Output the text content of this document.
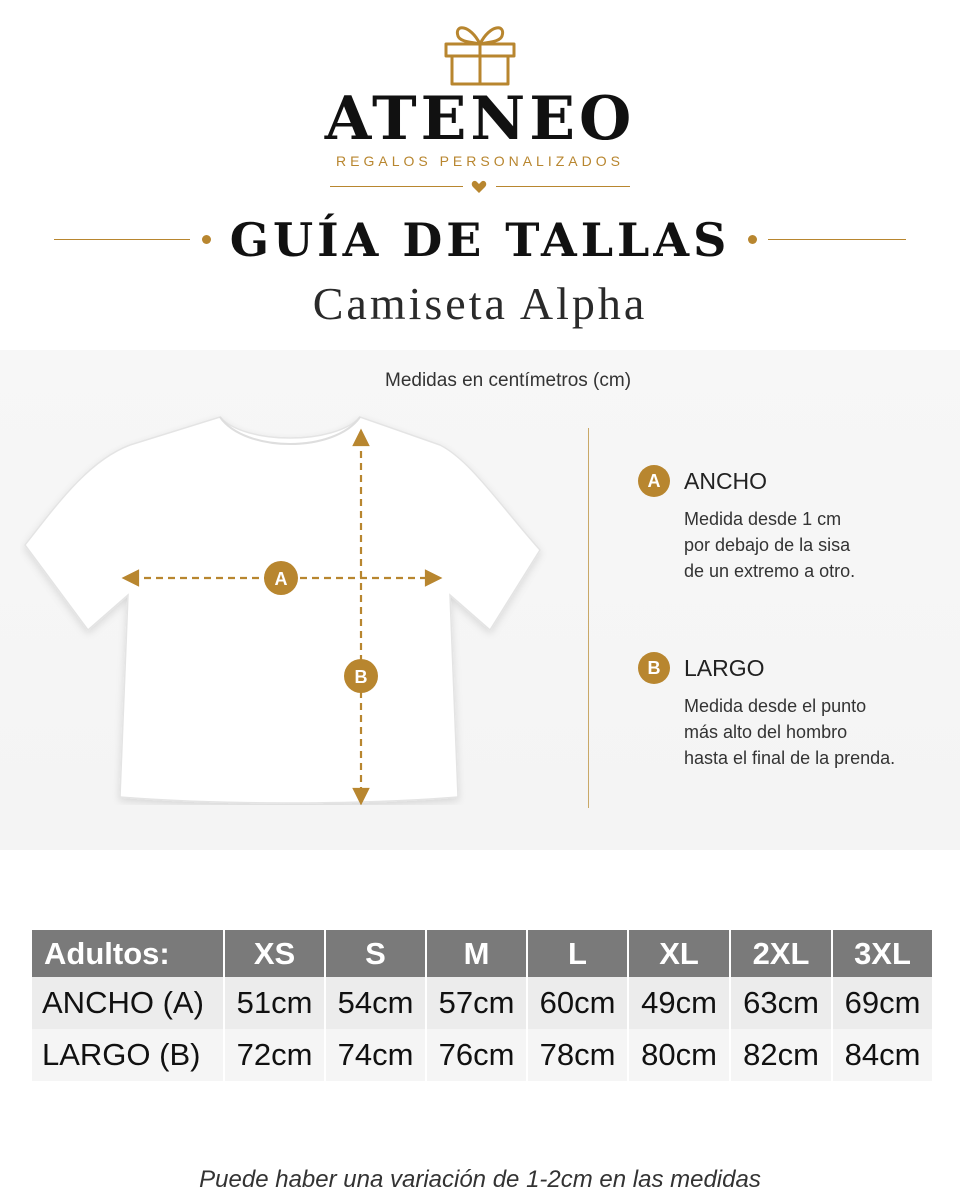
ATENEO
REGALOS PERSONALIZADOS
GUÍA DE TALLAS
Camiseta Alpha
Medidas en centímetros (cm)
A
B
A	ANCHO
Medida desde 1 cm
por debajo de la sisa
de un extremo a otro.
B	LARGO
Medida desde el punto
más alto del hombro
hasta el final de la prenda.
Adultos:	XS	S	M	L	XL	2XL	3XL
ANCHO (A)	51cm	54cm	57cm	60cm	49cm	63cm	69cm
LARGO (B)	72cm	74cm	76cm	78cm	80cm	82cm	84cm
Puede haber una variación de 1-2cm en las medidas
